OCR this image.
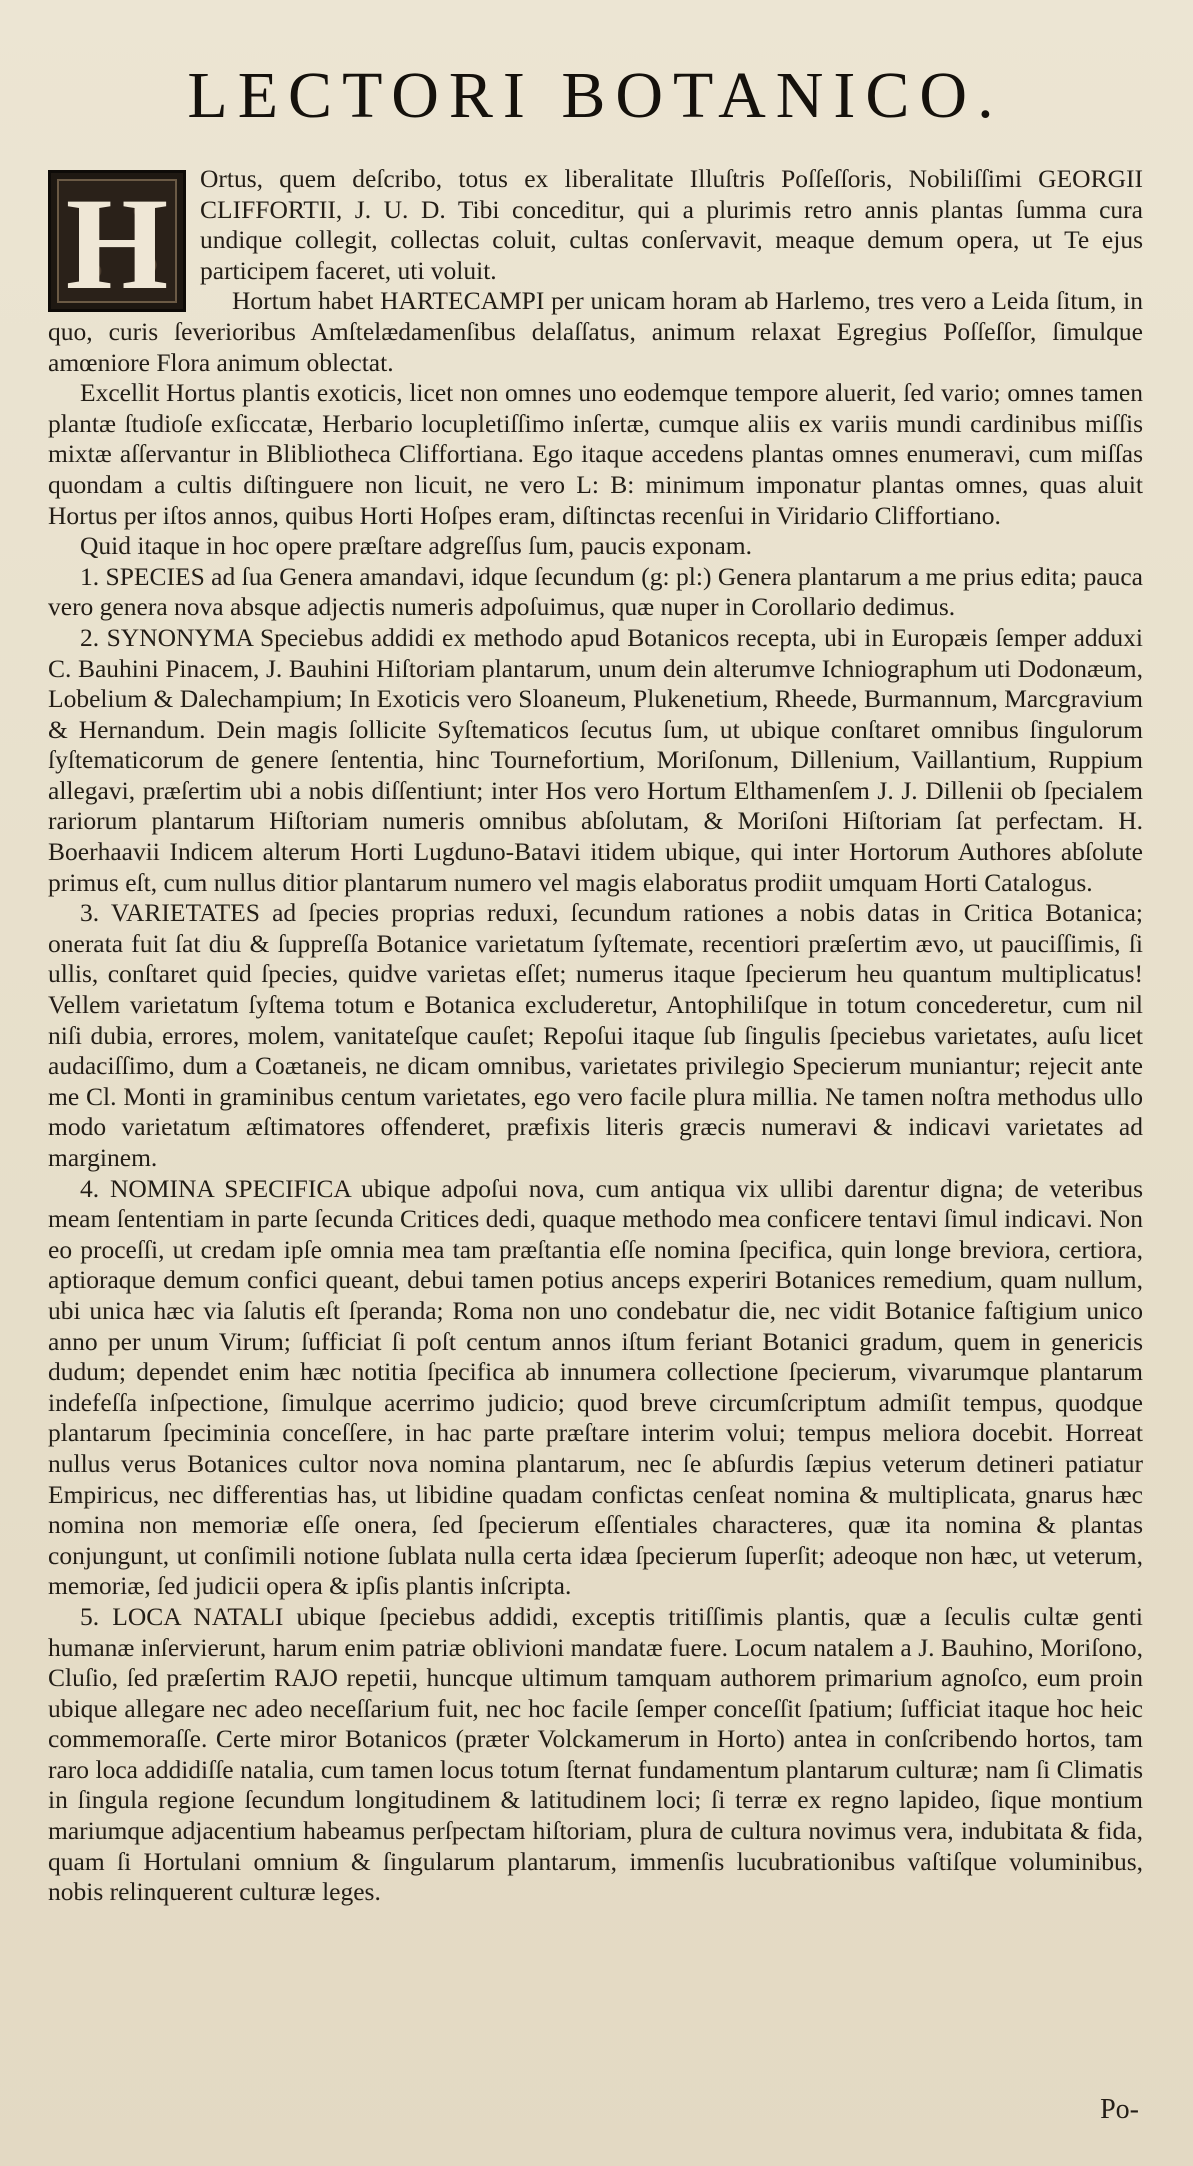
LECTORI BOTANICO.
H	Ortus, quem deſcribo, totus ex liberalitate Illuſtris Poſſeſſoris, Nobiliſſimi GEORGII CLIFFORTII, J. U. D. Tibi conceditur, qui a plurimis retro annis plantas ſumma cura undique collegit, collectas coluit, cultas conſervavit, meaque demum opera, ut Te ejus participem faceret, uti voluit.

Hortum habet HARTECAMPI per unicam horam ab Harlemo, tres vero a Leida ſitum, in quo, curis ſeverioribus Amſtelædamenſibus delaſſatus, animum relaxat Egregius Poſſeſſor, ſimulque amœniore Flora animum oblectat.

Excellit Hortus plantis exoticis, licet non omnes uno eodemque tempore aluerit, ſed vario; omnes tamen plantæ ſtudioſe exſiccatæ, Herbario locupletiſſimo inſertæ, cumque aliis ex variis mundi cardinibus miſſis mixtæ aſſervantur in Blibliotheca Cliffortiana. Ego itaque accedens plantas omnes enumeravi, cum miſſas quondam a cultis diſtinguere non licuit, ne vero L: B: minimum imponatur plantas omnes, quas aluit Hortus per iſtos annos, quibus Horti Hoſpes eram, diſtinctas recenſui in Viridario Cliffortiano.

Quid itaque in hoc opere præſtare adgreſſus ſum, paucis exponam.

1. SPECIES ad ſua Genera amandavi, idque ſecundum (g: pl:) Genera plantarum a me prius edita; pauca vero genera nova absque adjectis numeris adpoſuimus, quæ nuper in Corollario dedimus.

2. SYNONYMA Speciebus addidi ex methodo apud Botanicos recepta, ubi in Europæis ſemper adduxi C. Bauhini Pinacem, J. Bauhini Hiſtoriam plantarum, unum dein alterumve Ichniographum uti Dodonæum, Lobelium & Dalechampium; In Exoticis vero Sloaneum, Plukenetium, Rheede, Burmannum, Marcgravium & Hernandum. Dein magis ſollicite Syſtematicos ſecutus ſum, ut ubique conſtaret omnibus ſingulorum ſyſtematicorum de genere ſententia, hinc Tournefortium, Moriſonum, Dillenium, Vaillantium, Ruppium allegavi, præſertim ubi a nobis diſſentiunt; inter Hos vero Hortum Elthamenſem J. J. Dillenii ob ſpecialem rariorum plantarum Hiſtoriam numeris omnibus abſolutam, & Moriſoni Hiſtoriam ſat perfectam. H. Boerhaavii Indicem alterum Horti Lugduno-Batavi itidem ubique, qui inter Hortorum Authores abſolute primus eſt, cum nullus ditior plantarum numero vel magis elaboratus prodiit umquam Horti Catalogus.

3. VARIETATES ad ſpecies proprias reduxi, ſecundum rationes a nobis datas in Critica Botanica; onerata fuit ſat diu & ſuppreſſa Botanice varietatum ſyſtemate, recentiori præſertim ævo, ut pauciſſimis, ſi ullis, conſtaret quid ſpecies, quidve varietas eſſet; numerus itaque ſpecierum heu quantum multiplicatus! Vellem varietatum ſyſtema totum e Botanica excluderetur, Antophiliſque in totum concederetur, cum nil niſi dubia, errores, molem, vanitateſque cauſet; Repoſui itaque ſub ſingulis ſpeciebus varietates, auſu licet audaciſſimo, dum a Coætaneis, ne dicam omnibus, varietates privilegio Specierum muniantur; rejecit ante me Cl. Monti in graminibus centum varietates, ego vero facile plura millia. Ne tamen noſtra methodus ullo modo varietatum æſtimatores offenderet, præfixis literis græcis numeravi & indicavi varietates ad marginem.

4. NOMINA SPECIFICA ubique adpoſui nova, cum antiqua vix ullibi darentur digna; de veteribus meam ſententiam in parte ſecunda Critices dedi, quaque methodo mea conficere tentavi ſimul indicavi. Non eo proceſſi, ut credam ipſe omnia mea tam præſtantia eſſe nomina ſpecifica, quin longe breviora, certiora, aptioraque demum confici queant, debui tamen potius anceps experiri Botanices remedium, quam nullum, ubi unica hæc via ſalutis eſt ſperanda; Roma non uno condebatur die, nec vidit Botanice faſtigium unico anno per unum Virum; ſufficiat ſi poſt centum annos iſtum feriant Botanici gradum, quem in genericis dudum; dependet enim hæc notitia ſpecifica ab innumera collectione ſpecierum, vivarumque plantarum indefeſſa inſpectione, ſimulque acerrimo judicio; quod breve circumſcriptum admiſit tempus, quodque plantarum ſpeciminia conceſſere, in hac parte præſtare interim volui; tempus meliora docebit. Horreat nullus verus Botanices cultor nova nomina plantarum, nec ſe abſurdis ſæpius veterum detineri patiatur Empiricus, nec differentias has, ut libidine quadam confictas cenſeat nomina & multiplicata, gnarus hæc nomina non memoriæ eſſe onera, ſed ſpecierum eſſentiales characteres, quæ ita nomina & plantas conjungunt, ut conſimili notione ſublata nulla certa idæa ſpecierum ſuperſit; adeoque non hæc, ut veterum, memoriæ, ſed judicii opera & ipſis plantis inſcripta.

5. LOCA NATALI ubique ſpeciebus addidi, exceptis tritiſſimis plantis, quæ a ſeculis cultæ genti humanæ inſervierunt, harum enim patriæ oblivioni mandatæ fuere. Locum natalem a J. Bauhino, Moriſono, Cluſio, ſed præſertim RAJO repetii, huncque ultimum tamquam authorem primarium agnoſco, eum proin ubique allegare nec adeo neceſſarium fuit, nec hoc facile ſemper conceſſit ſpatium; ſufficiat itaque hoc heic commemoraſſe. Certe miror Botanicos (præter Volckamerum in Horto) antea in conſcribendo hortos, tam raro loca addidiſſe natalia, cum tamen locus totum ſternat fundamentum plantarum culturæ; nam ſi Climatis in ſingula regione ſecundum longitudinem & latitudinem loci; ſi terræ ex regno lapideo, ſique montium mariumque adjacentium habeamus perſpectam hiſtoriam, plura de cultura novimus vera, indubitata & fida, quam ſi Hortulani omnium & ſingularum plantarum, immenſis lucubrationibus vaſtiſque voluminibus, nobis relinquerent culturæ leges.

Po-
